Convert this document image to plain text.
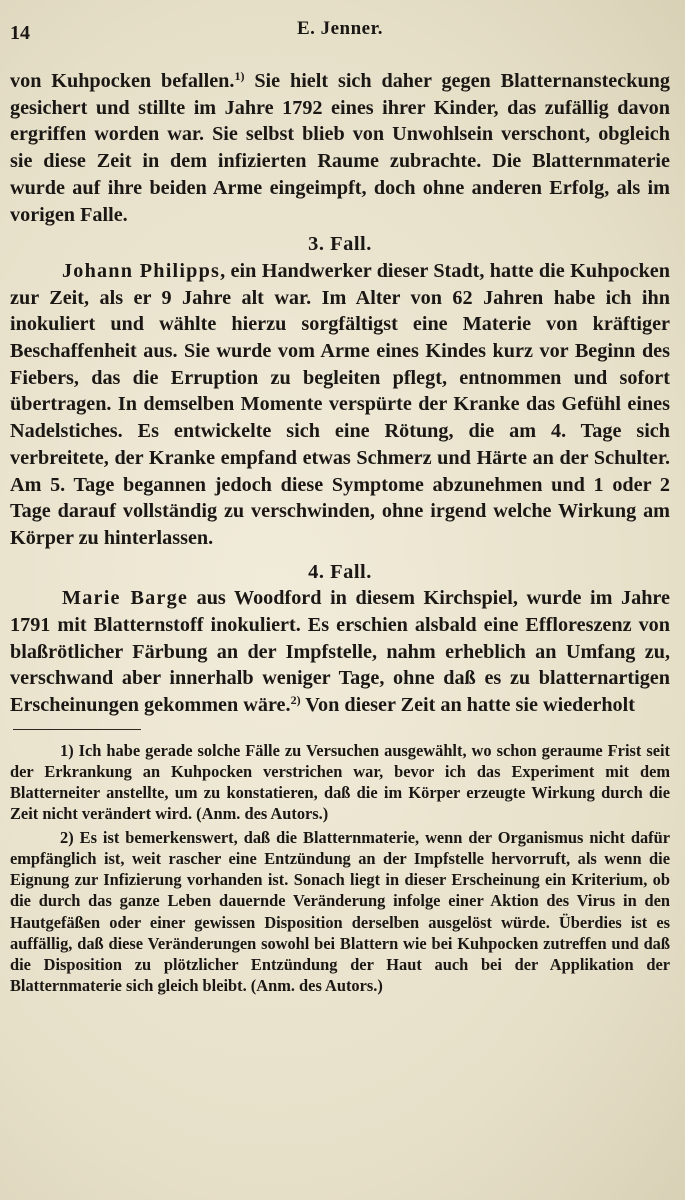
14	E. Jenner.

von Kuhpocken befallen.$^{1)}$ Sie hielt sich daher gegen Blatternansteckung gesichert und stillte im Jahre 1792 eines ihrer Kinder, das zufällig davon ergriffen worden war. Sie selbst blieb von Unwohlsein verschont, obgleich sie diese Zeit in dem infizierten Raume zubrachte. Die Blatternmaterie wurde auf ihre beiden Arme eingeimpft, doch ohne anderen Erfolg, als im vorigen Falle.

3. Fall.

Johann Philipps, ein Handwerker dieser Stadt, hatte die Kuhpocken zur Zeit, als er 9 Jahre alt war. Im Alter von 62 Jahren habe ich ihn inokuliert und wählte hierzu sorgfältigst eine Materie von kräftiger Beschaffenheit aus. Sie wurde vom Arme eines Kindes kurz vor Beginn des Fiebers, das die Erruption zu begleiten pflegt, entnommen und sofort übertragen. In demselben Momente verspürte der Kranke das Gefühl eines Nadelstiches. Es entwickelte sich eine Rötung, die am 4. Tage sich verbreitete, der Kranke empfand etwas Schmerz und Härte an der Schulter. Am 5. Tage begannen jedoch diese Symptome abzunehmen und 1 oder 2 Tage darauf vollständig zu verschwinden, ohne irgend welche Wirkung am Körper zu hinterlassen.

4. Fall.

Marie Barge aus Woodford in diesem Kirchspiel, wurde im Jahre 1791 mit Blatternstoff inokuliert. Es erschien alsbald eine Effloreszenz von blaßrötlicher Färbung an der Impfstelle, nahm erheblich an Umfang zu, verschwand aber innerhalb weniger Tage, ohne daß es zu blatternartigen Erscheinungen gekommen wäre.$^{2)}$ Von dieser Zeit an hatte sie wiederholt

1) Ich habe gerade solche Fälle zu Versuchen ausgewählt, wo schon geraume Frist seit der Erkrankung an Kuhpocken verstrichen war, bevor ich das Experiment mit dem Blatterneiter anstellte, um zu konstatieren, daß die im Körper erzeugte Wirkung durch die Zeit nicht verändert wird. (Anm. des Autors.)

2) Es ist bemerkenswert, daß die Blatternmaterie, wenn der Organismus nicht dafür empfänglich ist, weit rascher eine Entzündung an der Impfstelle hervorruft, als wenn die Eignung zur Infizierung vorhanden ist. Sonach liegt in dieser Erscheinung ein Kriterium, ob die durch das ganze Leben dauernde Veränderung infolge einer Aktion des Virus in den Hautgefäßen oder einer gewissen Disposition derselben ausgelöst würde. Überdies ist es auffällig, daß diese Veränderungen sowohl bei Blattern wie bei Kuhpocken zutreffen und daß die Disposition zu plötzlicher Entzündung der Haut auch bei der Applikation der Blatternmaterie sich gleich bleibt. (Anm. des Autors.)
